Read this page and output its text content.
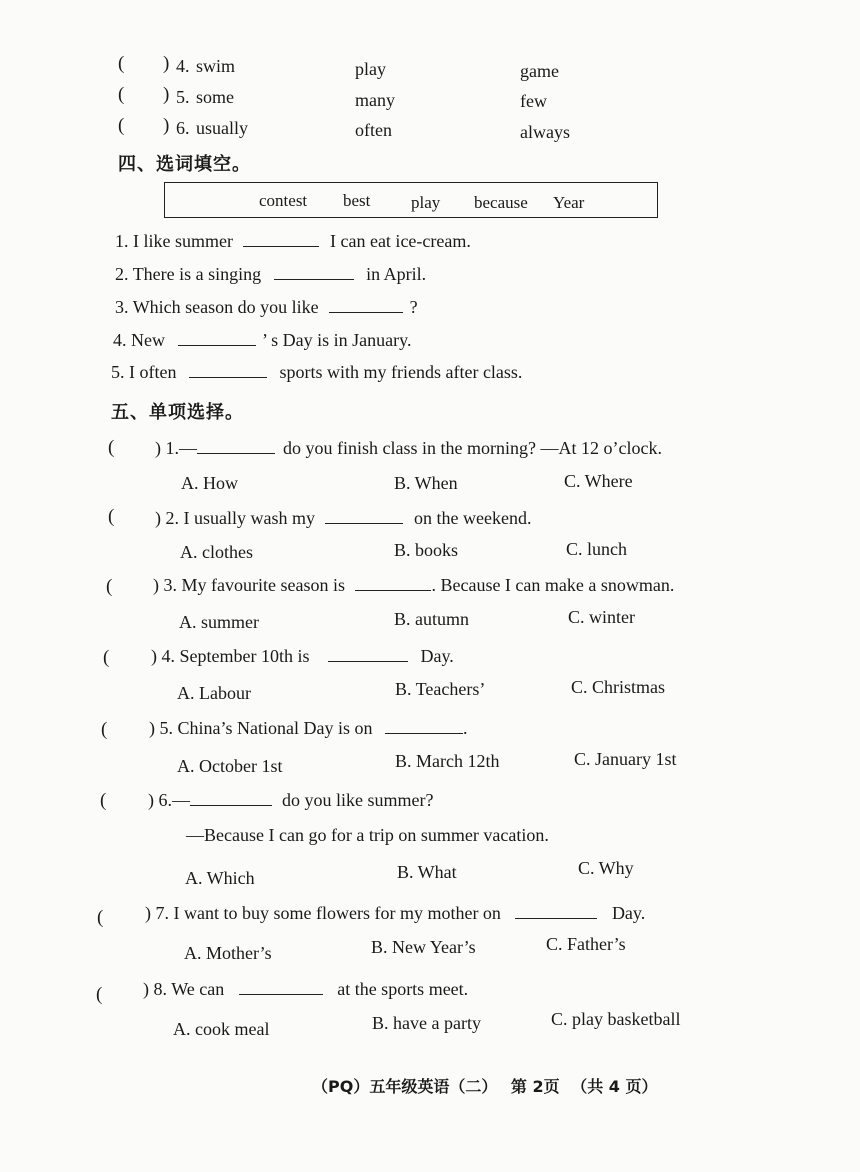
( ) 4 . swim	play	game
( ) 5 . some	many	few
( ) 6 . usually	often	always
四、选词填空。
contest best play because Year
1. I like summer	I can eat ice-cream.
2. There is a singing	in April.
3. Which season do you like	?
4. New	’ s Day is in January.
5. I often	sports with my friends after class.
五、单项选择。
( ) 1.—	do you finish class in the morning? —At 12 o’clock.
A. How	B. When	C. Where
( ) 2. I usually wash my	on the weekend.
A. clothes	B. books	C. lunch
( ) 3. My favourite season is	. Because I can make a snowman.
A. summer	B. autumn	C. winter
( ) 4. September 10th is	Day.
A. Labour	B. Teachers’	C. Christmas
( ) 5. China’s National Day is on	.
A. October 1st	B. March 12th	C. January 1st
( ) 6.—	do you like summer?
—Because I can go for a trip on summer vacation.
A. Which	B. What	C. Why
( ) 7. I want to buy some flowers for my mother on	Day.
A. Mother’s	B. New Year’s	C. Father’s
( ) 8. We can	at the sports meet.
A. cook meal	B. have a party	C. play basketball
（PQ）五年级英语（二） 第 2页 （共 4 页）
